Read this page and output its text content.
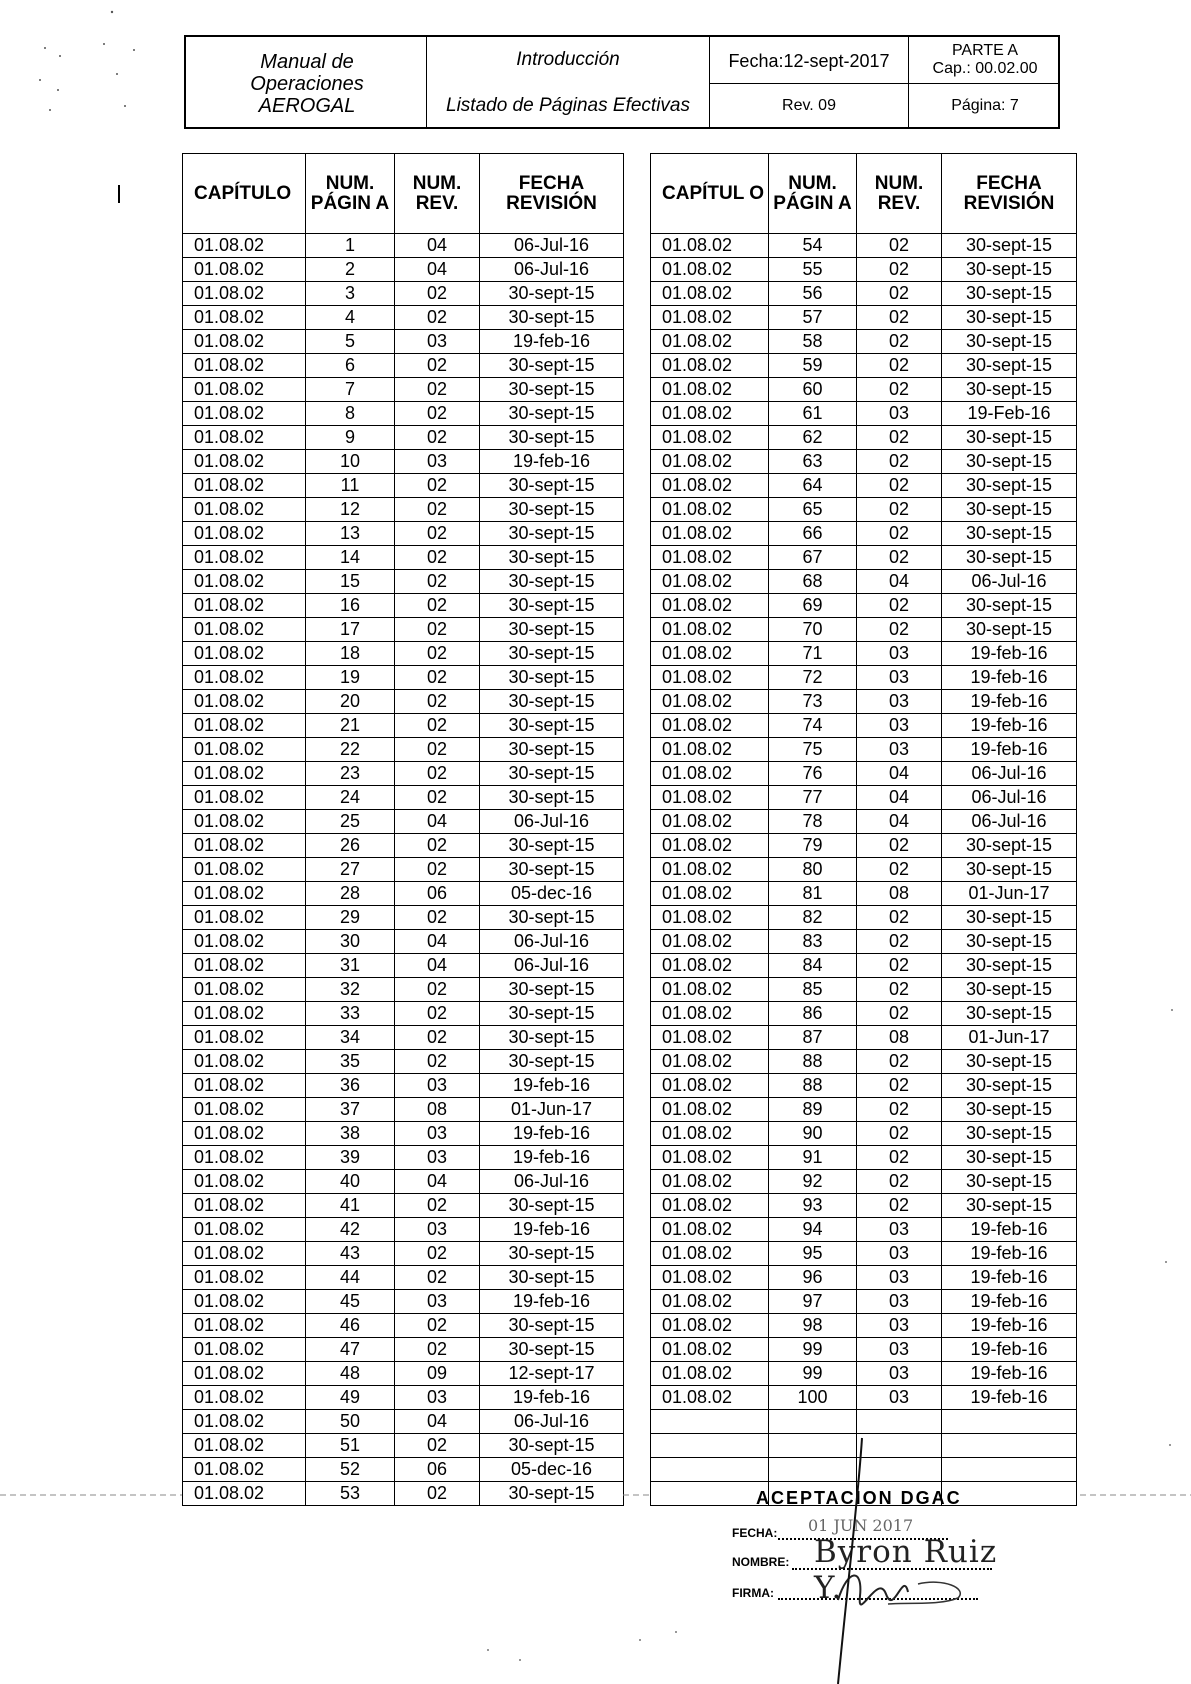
Manual de Operaciones AEROGAL
Introducción
Listado de Páginas Efectivas
Fecha:12-sept-2017
Rev. 09
PARTE A
Cap.: 00.02.00
Página: 7
CAPÍTULO	NUM. PÁGIN A	NUM. REV.	FECHA REVISIÓN
01.08.02	1	04	06-Jul-16
01.08.02	2	04	06-Jul-16
01.08.02	3	02	30-sept-15
01.08.02	4	02	30-sept-15
01.08.02	5	03	19-feb-16
01.08.02	6	02	30-sept-15
01.08.02	7	02	30-sept-15
01.08.02	8	02	30-sept-15
01.08.02	9	02	30-sept-15
01.08.02	10	03	19-feb-16
01.08.02	11	02	30-sept-15
01.08.02	12	02	30-sept-15
01.08.02	13	02	30-sept-15
01.08.02	14	02	30-sept-15
01.08.02	15	02	30-sept-15
01.08.02	16	02	30-sept-15
01.08.02	17	02	30-sept-15
01.08.02	18	02	30-sept-15
01.08.02	19	02	30-sept-15
01.08.02	20	02	30-sept-15
01.08.02	21	02	30-sept-15
01.08.02	22	02	30-sept-15
01.08.02	23	02	30-sept-15
01.08.02	24	02	30-sept-15
01.08.02	25	04	06-Jul-16
01.08.02	26	02	30-sept-15
01.08.02	27	02	30-sept-15
01.08.02	28	06	05-dec-16
01.08.02	29	02	30-sept-15
01.08.02	30	04	06-Jul-16
01.08.02	31	04	06-Jul-16
01.08.02	32	02	30-sept-15
01.08.02	33	02	30-sept-15
01.08.02	34	02	30-sept-15
01.08.02	35	02	30-sept-15
01.08.02	36	03	19-feb-16
01.08.02	37	08	01-Jun-17
01.08.02	38	03	19-feb-16
01.08.02	39	03	19-feb-16
01.08.02	40	04	06-Jul-16
01.08.02	41	02	30-sept-15
01.08.02	42	03	19-feb-16
01.08.02	43	02	30-sept-15
01.08.02	44	02	30-sept-15
01.08.02	45	03	19-feb-16
01.08.02	46	02	30-sept-15
01.08.02	47	02	30-sept-15
01.08.02	48	09	12-sept-17
01.08.02	49	03	19-feb-16
01.08.02	50	04	06-Jul-16
01.08.02	51	02	30-sept-15
01.08.02	52	06	05-dec-16
01.08.02	53	02	30-sept-15
CAPÍTUL O	NUM. PÁGIN A	NUM. REV.	FECHA REVISIÓN
01.08.02	54	02	30-sept-15
01.08.02	55	02	30-sept-15
01.08.02	56	02	30-sept-15
01.08.02	57	02	30-sept-15
01.08.02	58	02	30-sept-15
01.08.02	59	02	30-sept-15
01.08.02	60	02	30-sept-15
01.08.02	61	03	19-Feb-16
01.08.02	62	02	30-sept-15
01.08.02	63	02	30-sept-15
01.08.02	64	02	30-sept-15
01.08.02	65	02	30-sept-15
01.08.02	66	02	30-sept-15
01.08.02	67	02	30-sept-15
01.08.02	68	04	06-Jul-16
01.08.02	69	02	30-sept-15
01.08.02	70	02	30-sept-15
01.08.02	71	03	19-feb-16
01.08.02	72	03	19-feb-16
01.08.02	73	03	19-feb-16
01.08.02	74	03	19-feb-16
01.08.02	75	03	19-feb-16
01.08.02	76	04	06-Jul-16
01.08.02	77	04	06-Jul-16
01.08.02	78	04	06-Jul-16
01.08.02	79	02	30-sept-15
01.08.02	80	02	30-sept-15
01.08.02	81	08	01-Jun-17
01.08.02	82	02	30-sept-15
01.08.02	83	02	30-sept-15
01.08.02	84	02	30-sept-15
01.08.02	85	02	30-sept-15
01.08.02	86	02	30-sept-15
01.08.02	87	08	01-Jun-17
01.08.02	88	02	30-sept-15
01.08.02	88	02	30-sept-15
01.08.02	89	02	30-sept-15
01.08.02	90	02	30-sept-15
01.08.02	91	02	30-sept-15
01.08.02	92	02	30-sept-15
01.08.02	93	02	30-sept-15
01.08.02	94	03	19-feb-16
01.08.02	95	03	19-feb-16
01.08.02	96	03	19-feb-16
01.08.02	97	03	19-feb-16
01.08.02	98	03	19-feb-16
01.08.02	99	03	19-feb-16
01.08.02	99	03	19-feb-16
01.08.02	100	03	19-feb-16

ACEPTACION DGAC
FECHA: 01 JUN 2017
NOMBRE: Byron Ruiz Y.
FIRMA:
